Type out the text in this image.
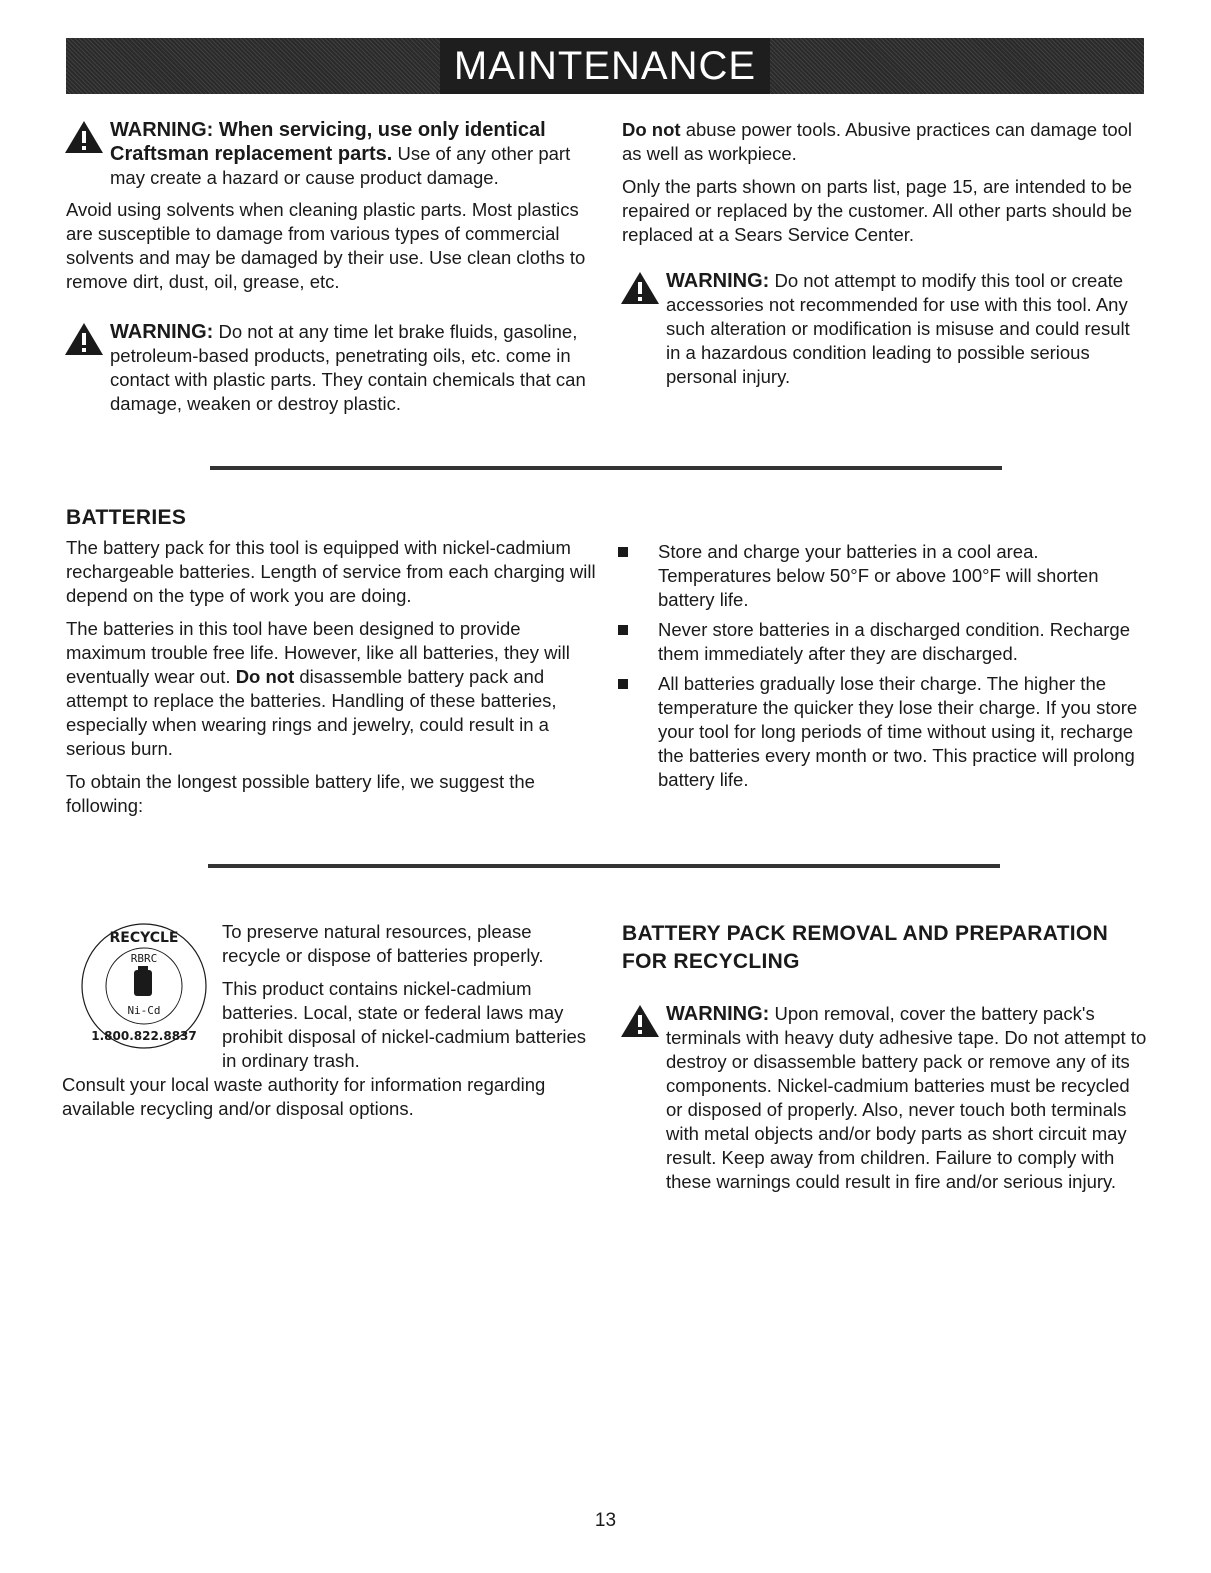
MAINTENANCE
WARNING: When servicing, use only identical Craftsman replacement parts. Use of any other part may create a hazard or cause product damage.

Avoid using solvents when cleaning plastic parts. Most plastics are susceptible to damage from various types of commercial solvents and may be damaged by their use. Use clean cloths to remove dirt, dust, oil, grease, etc.

WARNING: Do not at any time let brake fluids, gasoline, petroleum-based products, penetrating oils, etc. come in contact with plastic parts. They contain chemicals that can damage, weaken or destroy plastic.

Do not abuse power tools. Abusive practices can damage tool as well as workpiece.

Only the parts shown on parts list, page 15, are intended to be repaired or replaced by the customer. All other parts should be replaced at a Sears Service Center.

WARNING: Do not attempt to modify this tool or create accessories not recommended for use with this tool. Any such alteration or modification is misuse and could result in a hazardous condition leading to possible serious personal injury.
BATTERIES

The battery pack for this tool is equipped with nickel-cadmium rechargeable batteries. Length of service from each charging will depend on the type of work you are doing.

The batteries in this tool have been designed to provide maximum trouble free life. However, like all batteries, they will eventually wear out. Do not disassemble battery pack and attempt to replace the batteries. Handling of these batteries, especially when wearing rings and jewelry, could result in a serious burn.

To obtain the longest possible battery life, we suggest the following:

Store and charge your batteries in a cool area. Temperatures below 50°F or above 100°F will shorten battery life.
Never store batteries in a discharged condition. Recharge them immediately after they are discharged.
All batteries gradually lose their charge. The higher the temperature the quicker they lose their charge. If you store your tool for long periods of time without using it, recharge the batteries every month or two. This practice will prolong battery life.
RECYCLE
RBRC
Ni-Cd
1.800.822.8837

To preserve natural resources, please recycle or dispose of batteries properly.

This product contains nickel-cadmium batteries. Local, state or federal laws may prohibit disposal of nickel-cadmium batteries in ordinary trash.

Consult your local waste authority for information regarding available recycling and/or disposal options.

BATTERY PACK REMOVAL AND PREPARATION FOR RECYCLING
WARNING: Upon removal, cover the battery pack's terminals with heavy duty adhesive tape. Do not attempt to destroy or disassemble battery pack or remove any of its components. Nickel-cadmium batteries must be recycled or disposed of properly. Also, never touch both terminals with metal objects and/or body parts as short circuit may result. Keep away from children. Failure to comply with these warnings could result in fire and/or serious injury.
13
